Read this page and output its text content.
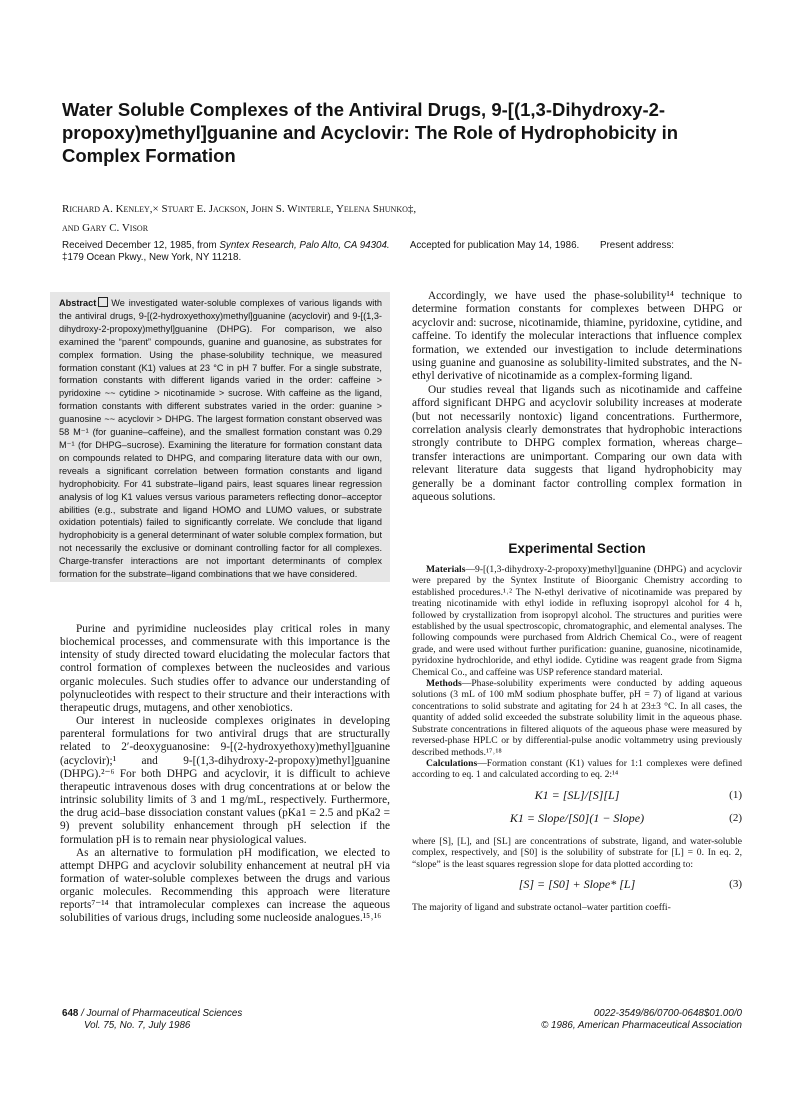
Water Soluble Complexes of the Antiviral Drugs, 9-[(1,3-Dihydroxy-2-propoxy)methyl]guanine and Acyclovir: The Role of Hydrophobicity in Complex Formation
Richard A. Kenley,× Stuart E. Jackson, John S. Winterle, Yelena Shunko‡,
and Gary C. Visor
Received December 12, 1985, from Syntex Research, Palo Alto, CA 94304. Accepted for publication May 14, 1986. Present address:
‡179 Ocean Pkwy., New York, NY 11218.
Abstract We investigated water-soluble complexes of various ligands with the antiviral drugs, 9-[(2-hydroxyethoxy)methyl]guanine (acyclovir) and 9-[(1,3-dihydroxy-2-propoxy)methyl]guanine (DHPG). For comparison, we also examined the “parent” compounds, guanine and guanosine, as substrates for complex formation. Using the phase-solubility technique, we measured formation constant (K1) values at 23 °C in pH 7 buffer. For a single substrate, formation constants with different ligands varied in the order: caffeine > pyridoxine ~~ cytidine > nicotinamide > sucrose. With caffeine as the ligand, formation constants with different substrates varied in the order: guanine > guanosine ~~ acyclovir > DHPG. The largest formation constant observed was 58 M⁻¹ (for guanine–caffeine), and the smallest formation constant was 0.29 M⁻¹ (for DHPG–sucrose). Examining the literature for formation constant data on compounds related to DHPG, and comparing literature data with our own, reveals a significant correlation between formation constants and ligand hydrophobicity. For 41 substrate–ligand pairs, least squares linear regression analysis of log K1 values versus various parameters reflecting donor–acceptor abilities (e.g., substrate and ligand HOMO and LUMO values, or substrate oxidation potentials) failed to significantly correlate. We conclude that ligand hydrophobicity is a general determinant of water soluble complex formation, but not necessarily the exclusive or dominant controlling factor for all complexes. Charge-transfer interactions are not important determinants of complex formation for the substrate–ligand combinations that we have considered.

Purine and pyrimidine nucleosides play critical roles in many biochemical processes, and commensurate with this importance is the intensity of study directed toward elucidating the molecular factors that control formation of complexes between the nucleosides and various organic molecules. Such studies offer to advance our understanding of polynucleotides with respect to their structure and their interactions with therapeutic drugs, mutagens, and other xenobiotics.

Our interest in nucleoside complexes originates in developing parenteral formulations for two antiviral drugs that are structurally related to 2′-deoxyguanosine: 9-[(2-hydroxyethoxy)methyl]guanine (acyclovir);¹ and 9-[(1,3-dihydroxy-2-propoxy)methyl]guanine (DHPG).²⁻⁶ For both DHPG and acyclovir, it is difficult to achieve therapeutic intravenous doses with drug concentrations at or below the intrinsic solubility limits of 3 and 1 mg/mL, respectively. Furthermore, the drug acid–base dissociation constant values (pKa1 = 2.5 and pKa2 = 9) prevent solubility enhancement through pH selection if the formulation pH is to remain near physiological values.

As an alternative to formulation pH modification, we elected to attempt DHPG and acyclovir solubility enhancement at neutral pH via formation of water-soluble complexes between the drugs and various organic molecules. Recommending this approach were literature reports⁷⁻¹⁴ that intramolecular complexes can increase the aqueous solubilities of various drugs, including some nucleoside analogues.¹⁵˒¹⁶

Accordingly, we have used the phase-solubility¹⁴ technique to determine formation constants for complexes between DHPG or acyclovir and: sucrose, nicotinamide, thiamine, pyridoxine, cytidine, and caffeine. To identify the molecular interactions that influence complex formation, we extended our investigation to include determinations using guanine and guanosine as solubility-limited substrates, and the N-ethyl derivative of nicotinamide as a complex-forming ligand.

Our studies reveal that ligands such as nicotinamide and caffeine afford significant DHPG and acyclovir solubility increases at moderate (but not necessarily nontoxic) ligand concentrations. Furthermore, correlation analysis clearly demonstrates that hydrophobic interactions strongly contribute to DHPG complex formation, whereas charge–transfer interactions are unimportant. Comparing our own data with relevant literature data suggests that ligand hydrophobicity may generally be a dominant factor controlling complex formation in aqueous solutions.

Experimental Section

Materials—9-[(1,3-dihydroxy-2-propoxy)methyl]guanine (DHPG) and acyclovir were prepared by the Syntex Institute of Bioorganic Chemistry according to established procedures.¹˒² The N-ethyl derivative of nicotinamide was prepared by treating nicotinamide with ethyl iodide in refluxing isopropyl alcohol for 4 h, followed by crystallization from isopropyl alcohol. The structures and purities were established by the usual spectroscopic, chromatographic, and elemental analyses. The following compounds were purchased from Aldrich Chemical Co., were of reagent grade, and were used without further purification: guanine, guanosine, nicotinamide, pyridoxine hydrochloride, and ethyl iodide. Cytidine was reagent grade from Sigma Chemical Co., and caffeine was USP reference standard material.

Methods—Phase-solubility experiments were conducted by adding aqueous solutions (3 mL of 100 mM sodium phosphate buffer, pH = 7) of ligand at various concentrations to solid substrate and agitating for 24 h at 23±3 °C. In all cases, the quantity of added solid exceeded the substrate solubility limit in the aqueous phase. Substrate concentrations in filtered aliquots of the aqueous phase were measured by reversed-phase HPLC or by differential-pulse anodic voltammetry using previously described methods.¹⁷˒¹⁸

Calculations—Formation constant (K1) values for 1:1 complexes were defined according to eq. 1 and calculated according to eq. 2:¹⁴

K1 = [SL]/[S][L]	(1)
K1 = Slope/[S0](1 − Slope)	(2)

where [S], [L], and [SL] are concentrations of substrate, ligand, and water-soluble complex, respectively, and [S0] is the solubility of substrate for [L] = 0. In eq. 2, “slope” is the least squares regression slope for data plotted according to:

[S] = [S0] + Slope* [L]	(3)

The majority of ligand and substrate octanol–water partition coeffi-

648 / Journal of Pharmaceutical Sciences
Vol. 75, No. 7, July 1986
0022-3549/86/0700-0648$01.00/0
© 1986, American Pharmaceutical Association
